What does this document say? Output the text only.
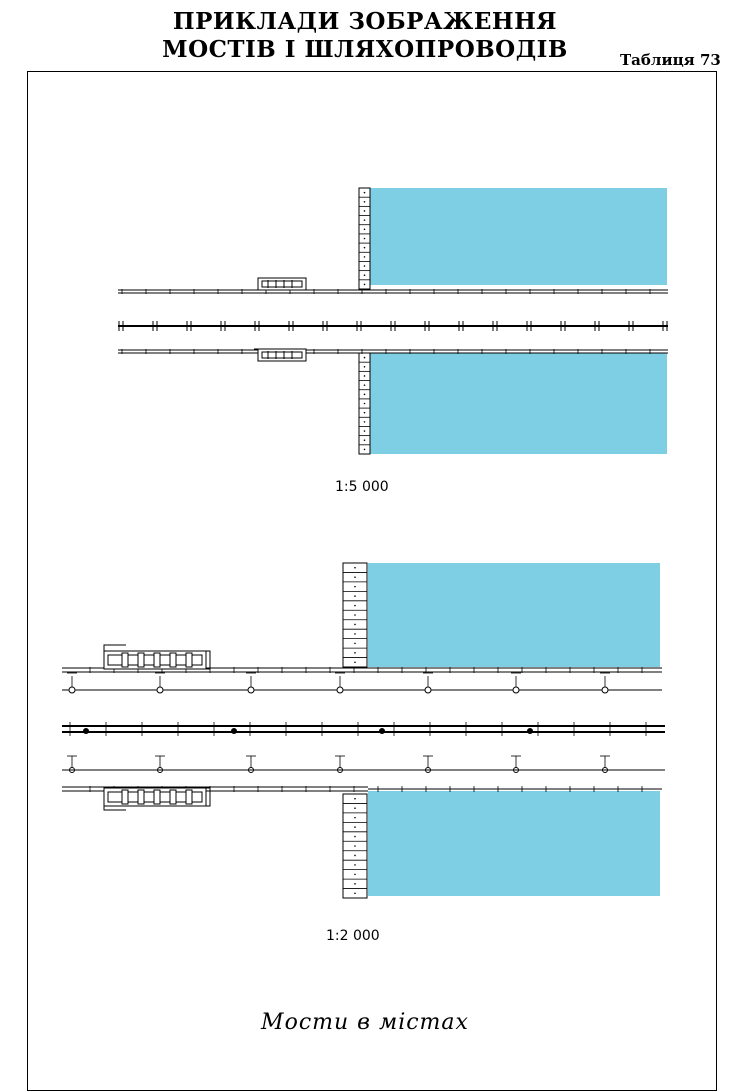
ПРИКЛАДИ ЗОБРАЖЕННЯ
МОСТІВ І ШЛЯХОПРОВОДІВ	Таблиця 73
1:5 000
1:2 000
Мости в містах
